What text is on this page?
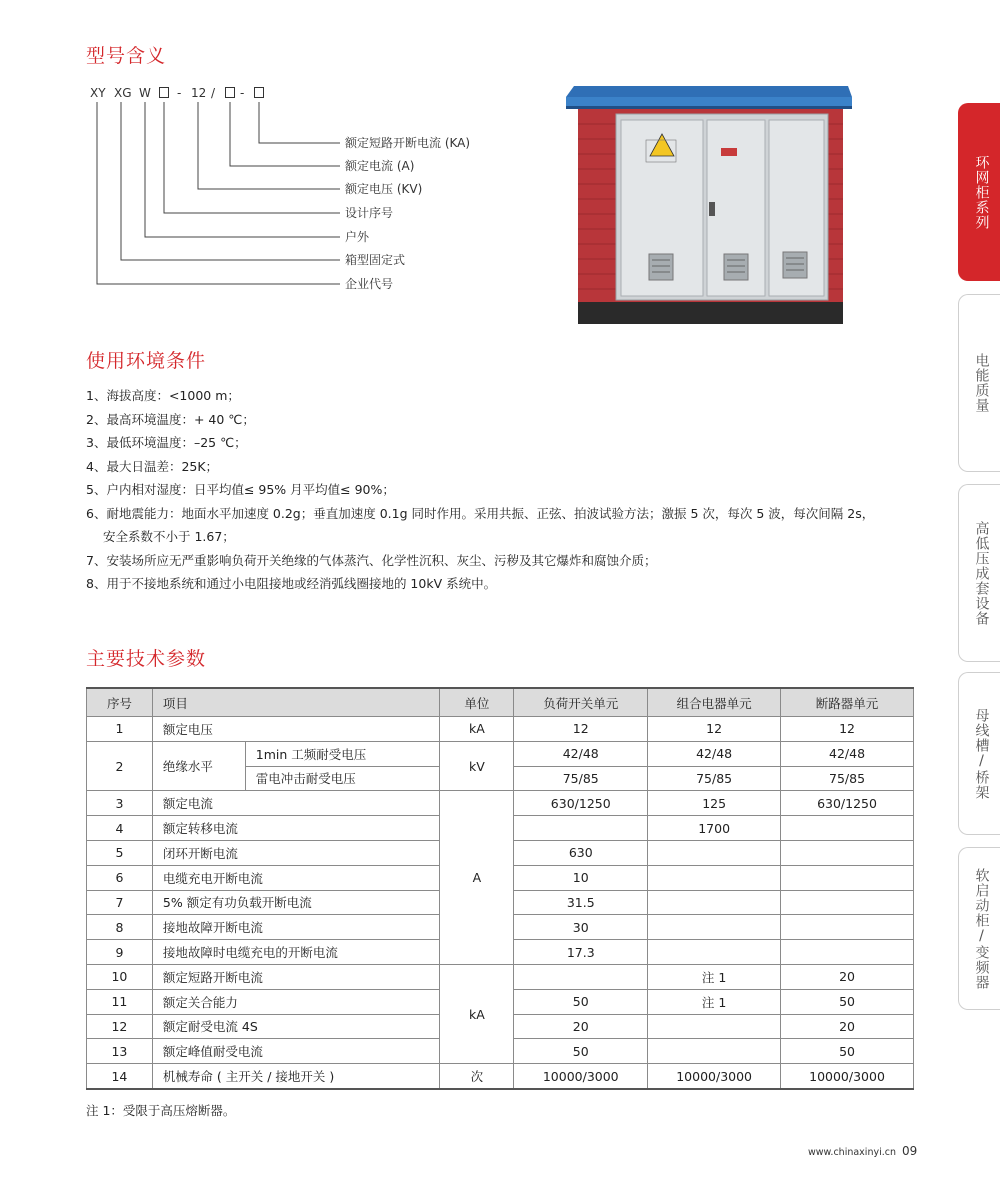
型号含义
XY XG W - 12 / -
额定短路开断电流 (KA)
额定电流 (A)
额定电压 (KV)
设计序号
户外
箱型固定式
企业代号
使用环境条件
1、海拔高度：<1000 m；
2、最高环境温度：+ 40 ℃；
3、最低环境温度：–25 ℃；
4、最大日温差：25K；
5、户内相对湿度：日平均值≤ 95% 月平均值≤ 90%；
6、耐地震能力：地面水平加速度 0.2g；垂直加速度 0.1g 同时作用。采用共振、正弦、拍波试验方法；激振 5 次，每次 5 波，每次间隔 2s，
安全系数不小于 1.67；
7、安装场所应无严重影响负荷开关绝缘的气体蒸汽、化学性沉积、灰尘、污秽及其它爆炸和腐蚀介质；
8、用于不接地系统和通过小电阻接地或经消弧线圈接地的 10kV 系统中。
主要技术参数
序号	项目		单位	负荷开关单元	组合电器单元	断路器单元
1	额定电压		kA	12	12	12
2	绝缘水平	1min 工频耐受电压	kV	42/48	42/48	42/48
		雷电冲击耐受电压		75/85	75/85	75/85
3	额定电流		A	630/1250	125	630/1250
4	额定转移电流				1700	
5	闭环开断电流			630		
6	电缆充电开断电流			10		
7	5% 额定有功负载开断电流			31.5		
8	接地故障开断电流			30		
9	接地故障时电缆充电的开断电流			17.3		
10	额定短路开断电流		kA		注 1	20
11	额定关合能力			50	注 1	50
12	额定耐受电流 4S			20		20
13	额定峰值耐受电流			50		50
14	机械寿命 ( 主开关 / 接地开关 )		次	10000/3000	10000/3000	10000/3000
注 1：受限于高压熔断器。
www.chinaxinyi.cn 09
环网柜系列
电能质量
高低压成套设备
母线槽/桥架
软启动柜/变频器
